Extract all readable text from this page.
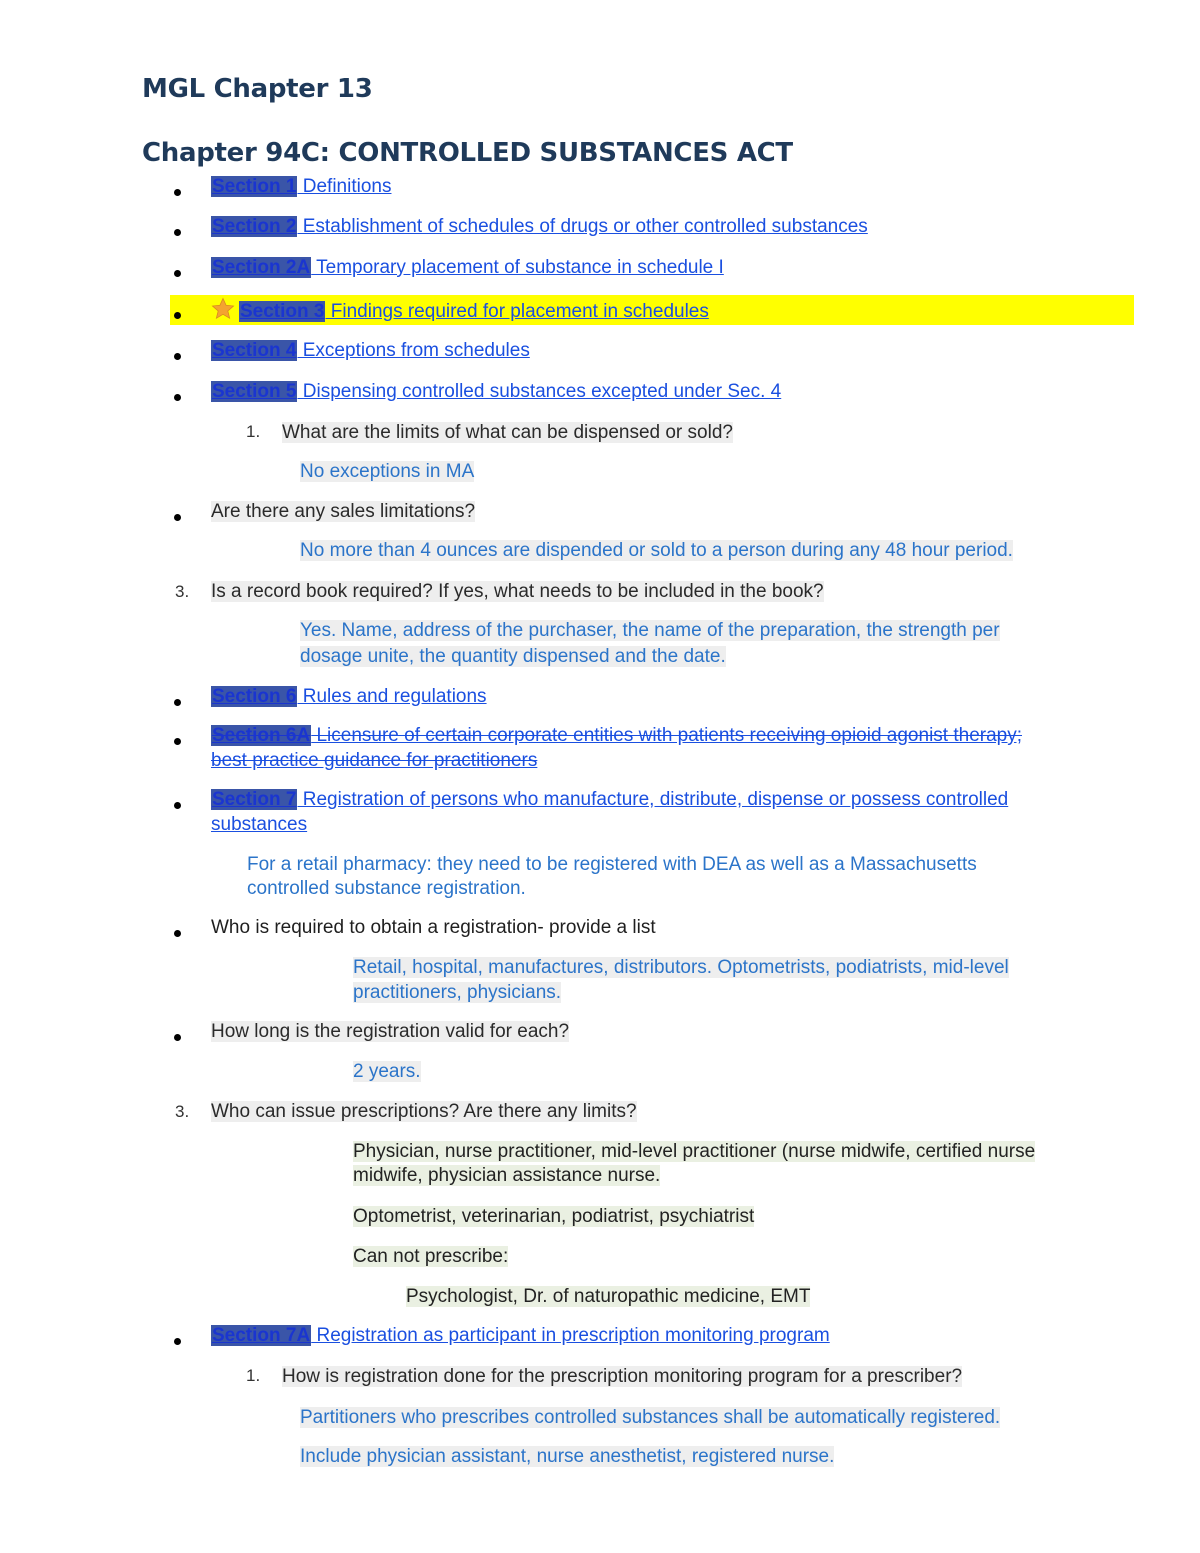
MGL Chapter 13
Chapter 94C: CONTROLLED SUBSTANCES ACT
Section 1 Definitions
Section 2 Establishment of schedules of drugs or other controlled substances
Section 2A Temporary placement of substance in schedule I
Section 3 Findings required for placement in schedules
Section 4 Exceptions from schedules
Section 5 Dispensing controlled substances excepted under Sec. 4
1. What are the limits of what can be dispensed or sold?
No exceptions in MA
Are there any sales limitations?
No more than 4 ounces are dispended or sold to a person during any 48 hour period.
3. Is a record book required? If yes, what needs to be included in the book?
Yes. Name, address of the purchaser, the name of the preparation, the strength per
dosage unite, the quantity dispensed and the date.
Section 6 Rules and regulations
Section 6A Licensure of certain corporate entities with patients receiving opioid agonist therapy;
best practice guidance for practitioners
Section 7 Registration of persons who manufacture, distribute, dispense or possess controlled
substances
For a retail pharmacy: they need to be registered with DEA as well as a Massachusetts
controlled substance registration.
Who is required to obtain a registration- provide a list
Retail, hospital, manufactures, distributors. Optometrists, podiatrists, mid-level
practitioners, physicians.
How long is the registration valid for each?
2 years.
3. Who can issue prescriptions? Are there any limits?
Physician, nurse practitioner, mid-level practitioner (nurse midwife, certified nurse
midwife, physician assistance nurse.
Optometrist, veterinarian, podiatrist, psychiatrist
Can not prescribe:
Psychologist, Dr. of naturopathic medicine, EMT
Section 7A Registration as participant in prescription monitoring program
1. How is registration done for the prescription monitoring program for a prescriber?
Partitioners who prescribes controlled substances shall be automatically registered.
Include physician assistant, nurse anesthetist, registered nurse.
